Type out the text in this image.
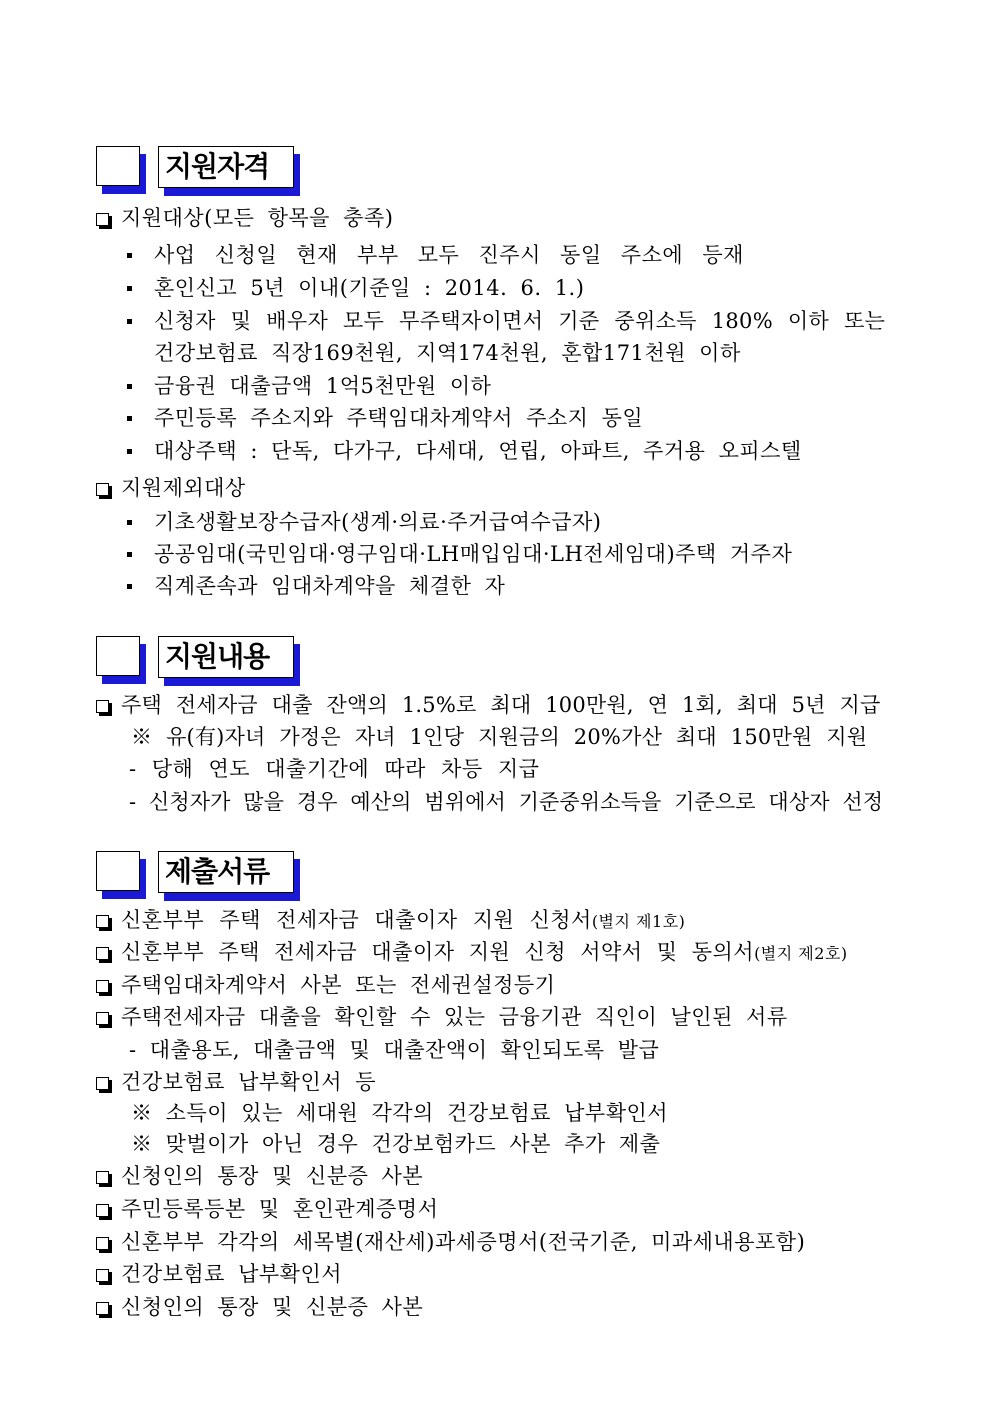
지원자격
지원대상(모든 항목을 충족)
사업 신청일 현재 부부 모두 진주시 동일 주소에 등재
혼인신고 5년 이내(기준일 : 2014. 6. 1.)
신청자 및 배우자 모두 무주택자이면서 기준 중위소득 180% 이하 또는
건강보험료 직장169천원, 지역174천원, 혼합171천원 이하
금융권 대출금액 1억5천만원 이하
주민등록 주소지와 주택임대차계약서 주소지 동일
대상주택 : 단독, 다가구, 다세대, 연립, 아파트, 주거용 오피스텔
지원제외대상
기초생활보장수급자(생계·의료·주거급여수급자)
공공임대(국민임대·영구임대·LH매입임대·LH전세임대)주택 거주자
직계존속과 임대차계약을 체결한 자
지원내용
주택 전세자금 대출 잔액의 1.5%로 최대 100만원, 연 1회, 최대 5년 지급
※ 유(有)자녀 가정은 자녀 1인당 지원금의 20%가산 최대 150만원 지원
- 당해 연도 대출기간에 따라 차등 지급
- 신청자가 많을 경우 예산의 범위에서 기준중위소득을 기준으로 대상자 선정
제출서류
신혼부부 주택 전세자금 대출이자 지원 신청서(별지 제1호)
신혼부부 주택 전세자금 대출이자 지원 신청 서약서 및 동의서(별지 제2호)
주택임대차계약서 사본 또는 전세권설정등기
주택전세자금 대출을 확인할 수 있는 금융기관 직인이 날인된 서류
- 대출용도, 대출금액 및 대출잔액이 확인되도록 발급
건강보험료 납부확인서 등
※ 소득이 있는 세대원 각각의 건강보험료 납부확인서
※ 맞벌이가 아닌 경우 건강보험카드 사본 추가 제출
신청인의 통장 및 신분증 사본
주민등록등본 및 혼인관계증명서
신혼부부 각각의 세목별(재산세)과세증명서(전국기준, 미과세내용포함)
건강보험료 납부확인서
신청인의 통장 및 신분증 사본
